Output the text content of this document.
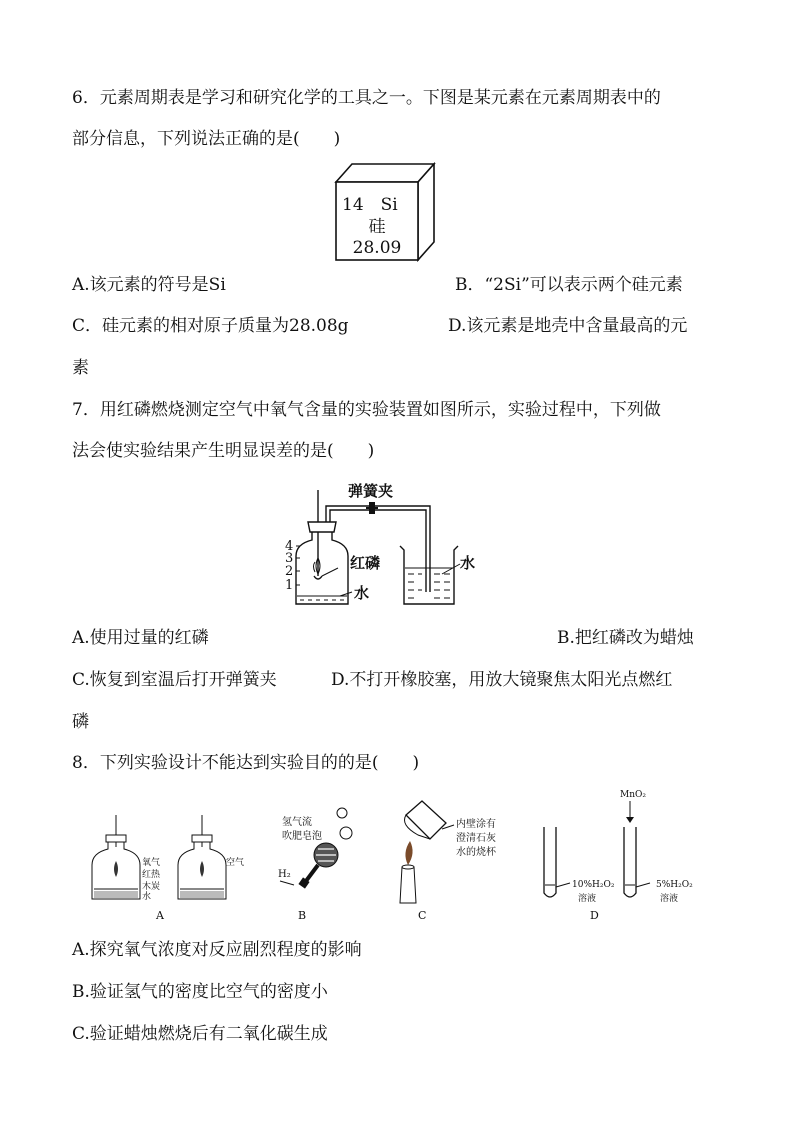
6．元素周期表是学习和研究化学的工具之一。下图是某元素在元素周期表中的
部分信息，下列说法正确的是(　　)
14　Si
硅
28.09
A.该元素的符号是Si	B．“2Si”可以表示两个硅元素
C．硅元素的相对原子质量为28.08g	D.该元素是地壳中含量最高的元
素
7．用红磷燃烧测定空气中氧气含量的实验装置如图所示，实验过程中，下列做
法会使实验结果产生明显误差的是(　　)
弹簧夹
4
3
2
1
红磷
水
水
A.使用过量的红磷	B.把红磷改为蜡烛
C.恢复到室温后打开弹簧夹	D.不打开橡胶塞，用放大镜聚焦太阳光点燃红
磷
8．下列实验设计不能达到实验目的的是(　　)
氧气
红热
木炭
水
空气
A
氢气流
吹肥皂泡
H₂
B
内壁涂有
澄清石灰
水的烧杯
C
MnO₂
10%H₂O₂
溶液
5%H₂O₂
溶液
D
A.探究氧气浓度对反应剧烈程度的影响
B.验证氢气的密度比空气的密度小
C.验证蜡烛燃烧后有二氧化碳生成
